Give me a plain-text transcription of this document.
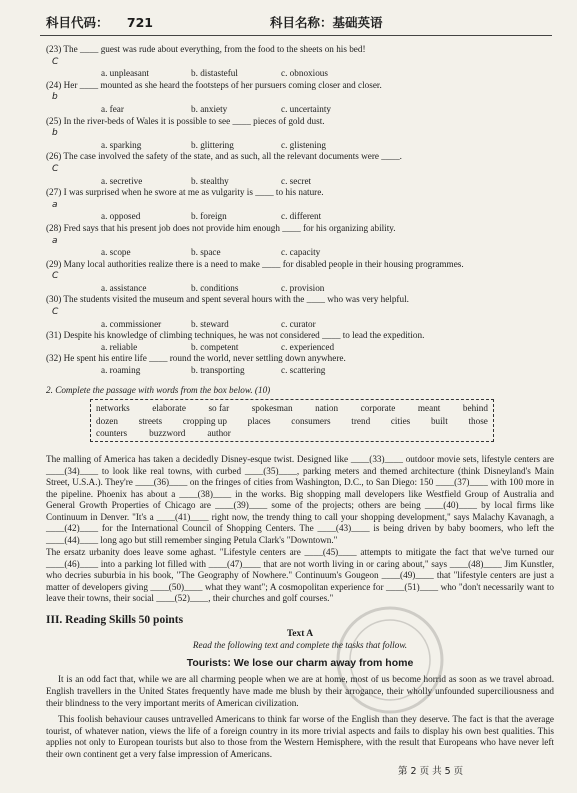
科目代码： 721	科目名称：基础英语
(23) The ____ guest was rude about everything, from the food to the sheets on his bed!
C
a. unpleasant	b. distasteful	c. obnoxious
(24) Her ____ mounted as she heard the footsteps of her pursuers coming closer and closer.
b
a. fear	b. anxiety	c. uncertainty
(25) In the river-beds of Wales it is possible to see ____ pieces of gold dust.
b
a. sparking	b. glittering	c. glistening
(26) The case involved the safety of the state, and as such, all the relevant documents were ____.
C
a. secretive	b. stealthy	c. secret
(27) I was surprised when he swore at me as vulgarity is ____ to his nature.
a
a. opposed	b. foreign	c. different
(28) Fred says that his present job does not provide him enough ____ for his organizing ability.
a
a. scope	b. space	c. capacity
(29) Many local authorities realize there is a need to make ____ for disabled people in their housing programmes.
C
a. assistance	b. conditions	c. provision
(30) The students visited the museum and spent several hours with the ____ who was very helpful.
C
a. commissioner	b. steward	c. curator
(31) Despite his knowledge of climbing techniques, he was not considered ____ to lead the expedition.
a. reliable	b. competent	c. experienced
(32) He spent his entire life ____ round the world, never settling down anywhere.
a. roaming	b. transporting	c. scattering
2. Complete the passage with words from the box below. (10)
networks elaborate so far spokesman nation corporate meant behind
dozen streets cropping up places consumers trend cities built those
counters buzzword author

The malling of America has taken a decidedly Disney-esque twist. Designed like ____(33)____ outdoor movie sets, lifestyle centers are ____(34)____ to look like real towns, with curbed ____(35)____, parking meters and themed architecture (think Disneyland's Main Street, U.S.A.). They're ____(36)____ on the fringes of cities from Washington, D.C., to San Diego: 150 ____(37)____ with 100 more in the pipeline. Phoenix has about a ____(38)____ in the works. Big shopping mall developers like Westfield Group of Australia and General Growth Properties of Chicago are ____(39)____ some of the projects; others are being ____(40)____ by local firms like Continuum in Denver. "It's a ____(41)____ right now, the trendy thing to call your shopping development," says Malachy Kavanagh, a ____(42)____ for the International Council of Shopping Centers. The ____(43)____ is being driven by baby boomers, who left the ____(44)____ long ago but still remember singing Petula Clark's "Downtown."

The ersatz urbanity does leave some aghast. "Lifestyle centers are ____(45)____ attempts to mitigate the fact that we've turned our ____(46)____ into a parking lot filled with ____(47)____ that are not worth living in or caring about," says ____(48)____ Jim Kunstler, who decries suburbia in his book, "The Geography of Nowhere." Continuum's Gougeon ____(49)____ that "lifestyle centers are just a matter of developers giving ____(50)____ what they want"; A cosmopolitan experience for ____(51)____ who "don't necessarily want to leave their towns, their social ____(52)____, their churches and golf courses."

III. Reading Skills 50 points
Text A
Read the following text and complete the tasks that follow.
Tourists: We lose our charm away from home

It is an odd fact that, while we are all charming people when we are at home, most of us become horrid as soon as we travel abroad. English travellers in the United States frequently have made me blush by their arrogance, their wholly unfounded superciliousness and their blindness to the very important merits of American civilization.

This foolish behaviour causes untravelled Americans to think far worse of the English than they deserve. The fact is that the average tourist, of whatever nation, views the life of a foreign country in its more trivial aspects and fails to display his own best qualities. This applies not only to European tourists but also to those from the Western Hemisphere, with the result that Europeans who have never left their own continent get a very false impression of Americans.

第 2 页 共 5 页
